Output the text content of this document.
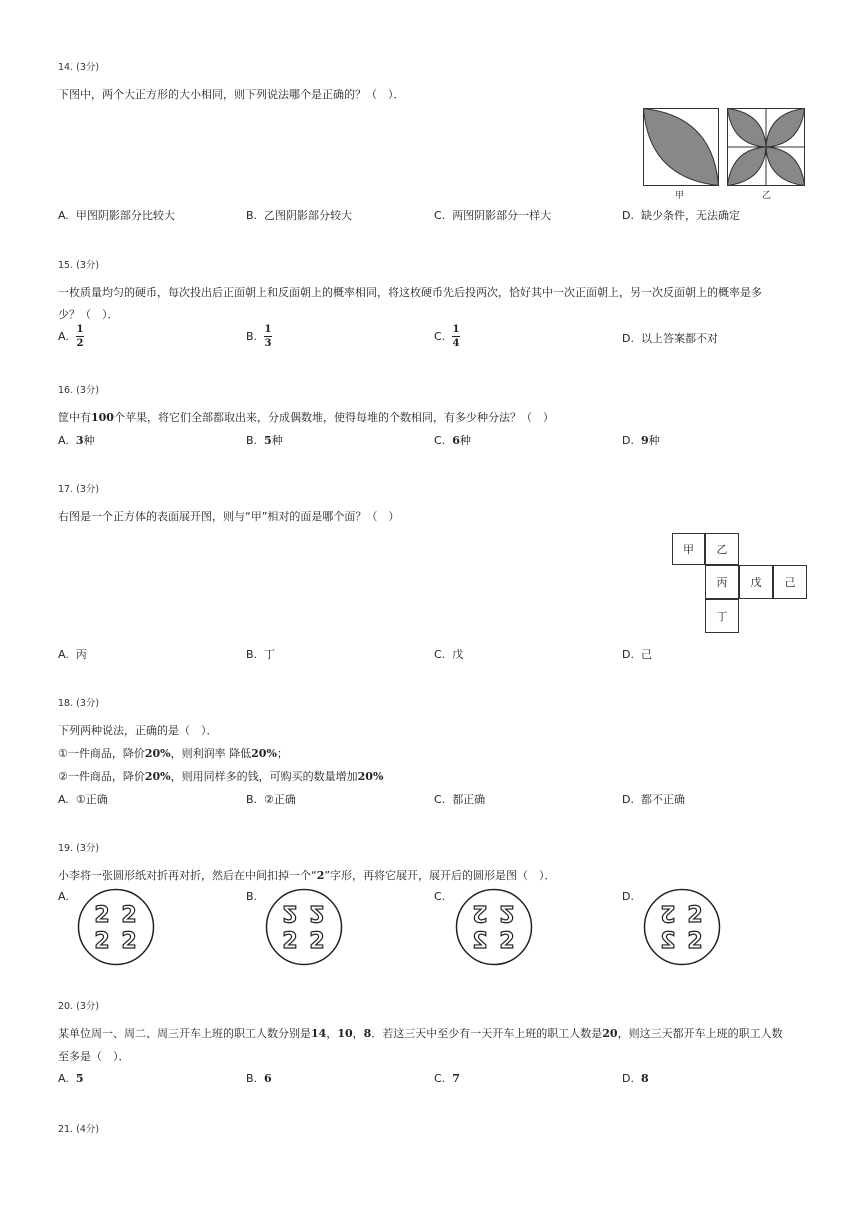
14. (3分)
下图中，两个大正方形的大小相同，则下列说法哪个是正确的？（　）．
甲	乙
A. 甲图阴影部分比较大	B. 乙图阴影部分较大	C. 两图阴影部分一样大	D. 缺少条件，无法确定
15. (3分)
一枚质量均匀的硬币，每次投出后正面朝上和反面朝上的概率相同，将这枚硬币先后投两次，恰好其中一次正面朝上，另一次反面朝上的概率是多
少？（　）．
A.
1
2
B.
1
3
C.
1
4	D. 以上答案都不对
16. (3分)
筐中有100个苹果，将它们全部都取出来，分成偶数堆，使得每堆的个数相同，有多少种分法？（　）
A. 3种	B. 5种	C. 6种	D. 9种
17. (3分)
右图是一个正方体的表面展开图，则与“甲”相对的面是哪个面？（　）
甲	乙
丙	戊	己
丁
A. 丙	B. 丁	C. 戊	D. 己
18. (3分)
下列两种说法，正确的是（　）．
①一件商品，降价20%，则利润率 降低20%；
②一件商品，降价20%，则用同样多的钱，可购买的数量增加20%
A. ①正确	B. ②正确	C. 都正确	D. 都不正确
19. (3分)
小李将一张圆形纸对折再对折，然后在中间扣掉一个“2”字形，再将它展开，展开后的圆形是图（　）．
A.	B.	C.	D.
2 2
2 2
2 2
2 2
2 2
2 2
2 2
2 2
20. (3分)
某单位周一、周二、周三开车上班的职工人数分别是14，10，8．若这三天中至少有一天开车上班的职工人数是20，则这三天都开车上班的职工人数
至多是（　）．
A. 5	B. 6	C. 7	D. 8
21. (4分)
